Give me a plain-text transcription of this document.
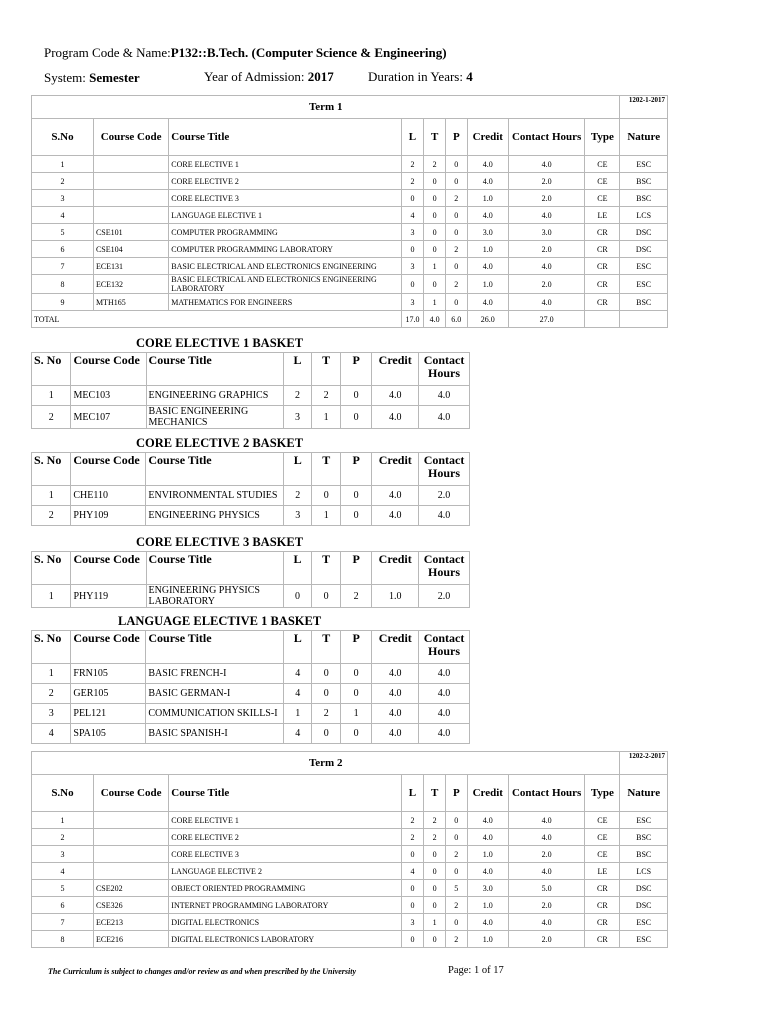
Program Code & Name:P132::B.Tech. (Computer Science & Engineering)
System: Semester	Year of Admission: 2017	Duration in Years: 4
Term 1									1202-1-2017
S.No	Course Code	Course Title	L	T	P	Credit	Contact Hours	Type	Nature
1		CORE ELECTIVE 1	2	2	0	4.0	4.0	CE	ESC
2		CORE ELECTIVE 2	2	0	0	4.0	2.0	CE	BSC
3		CORE ELECTIVE 3	0	0	2	1.0	2.0	CE	BSC
4		LANGUAGE ELECTIVE 1	4	0	0	4.0	4.0	LE	LCS
5	CSE101	COMPUTER PROGRAMMING	3	0	0	3.0	3.0	CR	DSC
6	CSE104	COMPUTER PROGRAMMING LABORATORY	0	0	2	1.0	2.0	CR	DSC
7	ECE131	BASIC ELECTRICAL AND ELECTRONICS ENGINEERING	3	1	0	4.0	4.0	CR	ESC
8	ECE132	BASIC ELECTRICAL AND ELECTRONICS ENGINEERING LABORATORY	0	0	2	1.0	2.0	CR	ESC
9	MTH165	MATHEMATICS FOR ENGINEERS	3	1	0	4.0	4.0	CR	BSC
TOTAL			17.0	4.0	6.0	26.0	27.0		
CORE ELECTIVE 1 BASKET
S. No	Course Code	Course Title	L	T	P	Credit	Contact Hours
1	MEC103	ENGINEERING GRAPHICS	2	2	0	4.0	4.0
2	MEC107	BASIC ENGINEERING MECHANICS	3	1	0	4.0	4.0
CORE ELECTIVE 2 BASKET
S. No	Course Code	Course Title	L	T	P	Credit	Contact Hours
1	CHE110	ENVIRONMENTAL STUDIES	2	0	0	4.0	2.0
2	PHY109	ENGINEERING PHYSICS	3	1	0	4.0	4.0
CORE ELECTIVE 3 BASKET
S. No	Course Code	Course Title	L	T	P	Credit	Contact Hours
1	PHY119	ENGINEERING PHYSICS LABORATORY	0	0	2	1.0	2.0
LANGUAGE ELECTIVE 1 BASKET
S. No	Course Code	Course Title	L	T	P	Credit	Contact Hours
1	FRN105	BASIC FRENCH-I	4	0	0	4.0	4.0
2	GER105	BASIC GERMAN-I	4	0	0	4.0	4.0
3	PEL121	COMMUNICATION SKILLS-I	1	2	1	4.0	4.0
4	SPA105	BASIC SPANISH-I	4	0	0	4.0	4.0
Term 2									1202-2-2017
S.No	Course Code	Course Title	L	T	P	Credit	Contact Hours	Type	Nature
1		CORE ELECTIVE 1	2	2	0	4.0	4.0	CE	ESC
2		CORE ELECTIVE 2	2	2	0	4.0	4.0	CE	BSC
3		CORE ELECTIVE 3	0	0	2	1.0	2.0	CE	BSC
4		LANGUAGE ELECTIVE 2	4	0	0	4.0	4.0	LE	LCS
5	CSE202	OBJECT ORIENTED PROGRAMMING	0	0	5	3.0	5.0	CR	DSC
6	CSE326	INTERNET PROGRAMMING LABORATORY	0	0	2	1.0	2.0	CR	DSC
7	ECE213	DIGITAL ELECTRONICS	3	1	0	4.0	4.0	CR	ESC
8	ECE216	DIGITAL ELECTRONICS LABORATORY	0	0	2	1.0	2.0	CR	ESC
The Curriculum is subject to changes and/or review as and when prescribed by the University	Page: 1 of 17
